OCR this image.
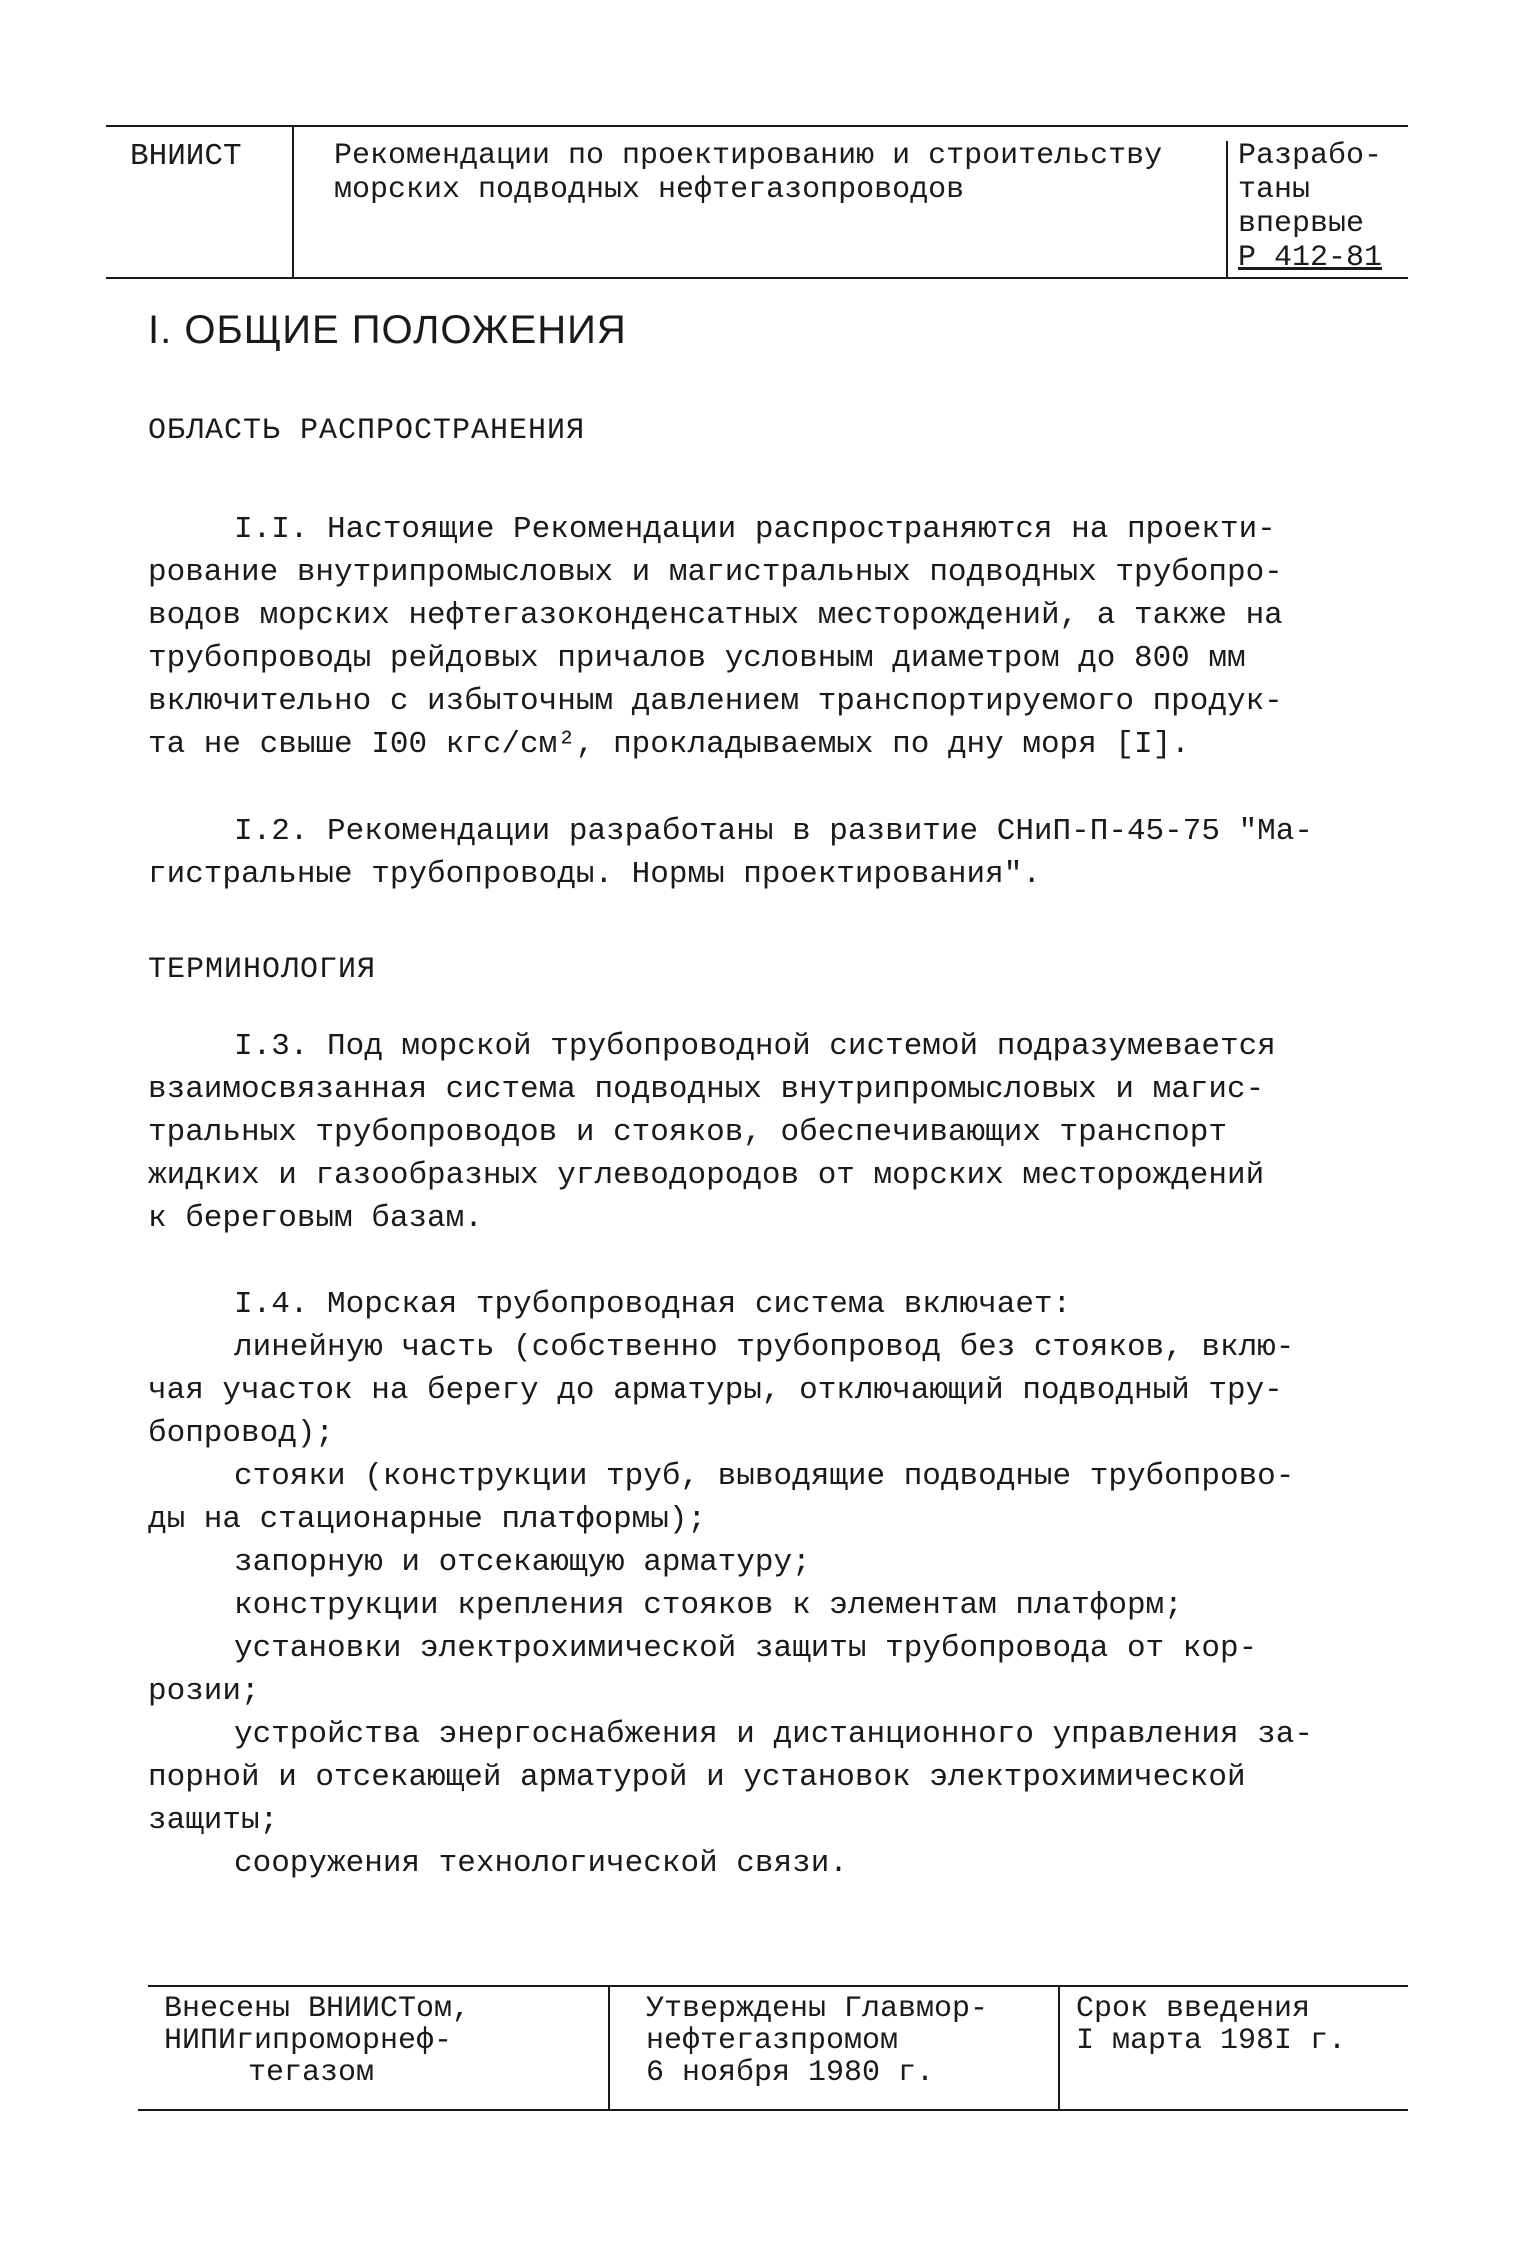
ВНИИСТ	Рекомендации по проектированию и строительству морских подводных нефтегазопроводов
Разрабо-
таны
впервые
Р 412-81
I. ОБЩИЕ ПОЛОЖЕНИЯ
ОБЛАСТЬ РАСПРОСТРАНЕНИЯ
I.I. Настоящие Рекомендации распространяются на проекти-
рование внутрипромысловых и магистральных подводных трубопро-
водов морских нефтегазоконденсатных месторождений, а также на
трубопроводы рейдовых причалов условным диаметром до 800 мм
включительно с избыточным давлением транспортируемого продук-
та не свыше I00 кгс/см², прокладываемых по дну моря [I].
I.2. Рекомендации разработаны в развитие СНиП-П-45-75 "Ма-
гистральные трубопроводы. Нормы проектирования".
ТЕРМИНОЛОГИЯ
I.3. Под морской трубопроводной системой подразумевается
взаимосвязанная система подводных внутрипромысловых и магис-
тральных трубопроводов и стояков, обеспечивающих транспорт
жидких и газообразных углеводородов от морских месторождений
к береговым базам.
I.4. Морская трубопроводная система включает:
линейную часть (собственно трубопровод без стояков, вклю-
чая участок на берегу до арматуры, отключающий подводный тру-
бопровод);
стояки (конструкции труб, выводящие подводные трубопрово-
ды на стационарные платформы);
запорную и отсекающую арматуру;
конструкции крепления стояков к элементам платформ;
установки электрохимической защиты трубопровода от кор-
розии;
устройства энергоснабжения и дистанционного управления за-
порной и отсекающей арматурой и установок электрохимической
защиты;
сооружения технологической связи.
Внесены ВНИИСТом,
НИПИгипроморнеф-
тегазом
Утверждены Главмор-
нефтегазпромом
6 ноября 1980 г.
Срок введения
I марта 198I г.
